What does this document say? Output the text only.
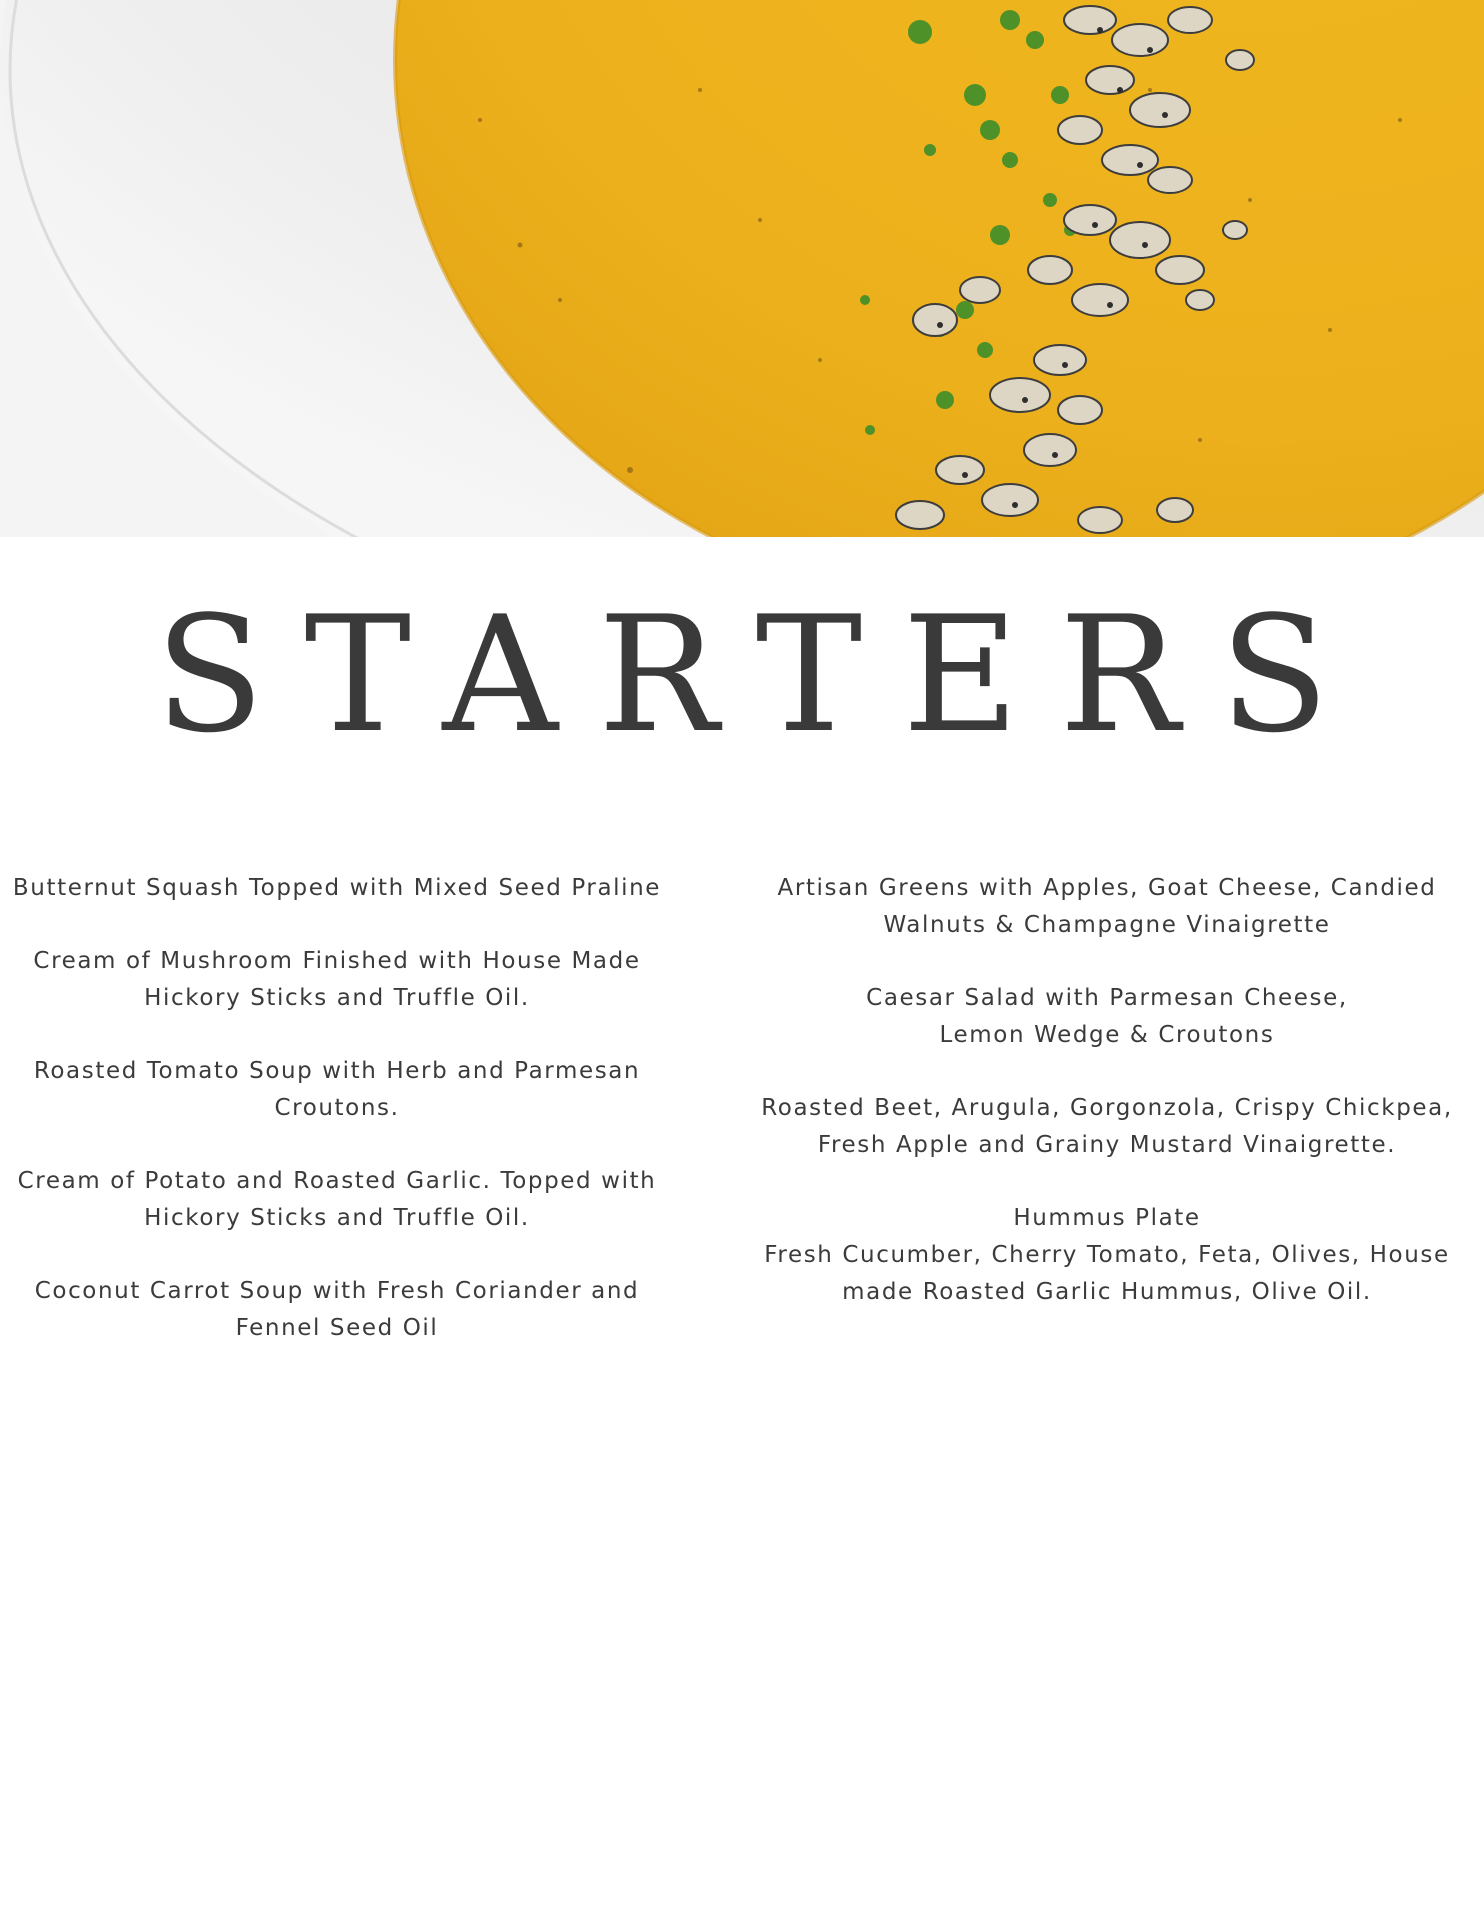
STARTERS
Butternut Squash Topped with Mixed Seed Praline
Cream of Mushroom Finished with House Made
Hickory Sticks and Truffle Oil.
Roasted Tomato Soup with Herb and Parmesan
Croutons.
Cream of Potato and Roasted Garlic. Topped with
Hickory Sticks and Truffle Oil.
Coconut Carrot Soup with Fresh Coriander and
Fennel Seed Oil
Artisan Greens with Apples, Goat Cheese, Candied
Walnuts & Champagne Vinaigrette
Caesar Salad with Parmesan Cheese,
Lemon Wedge & Croutons
Roasted Beet, Arugula, Gorgonzola, Crispy Chickpea,
Fresh Apple and Grainy Mustard Vinaigrette.
Hummus Plate
Fresh Cucumber, Cherry Tomato, Feta, Olives, House
made Roasted Garlic Hummus, Olive Oil.
